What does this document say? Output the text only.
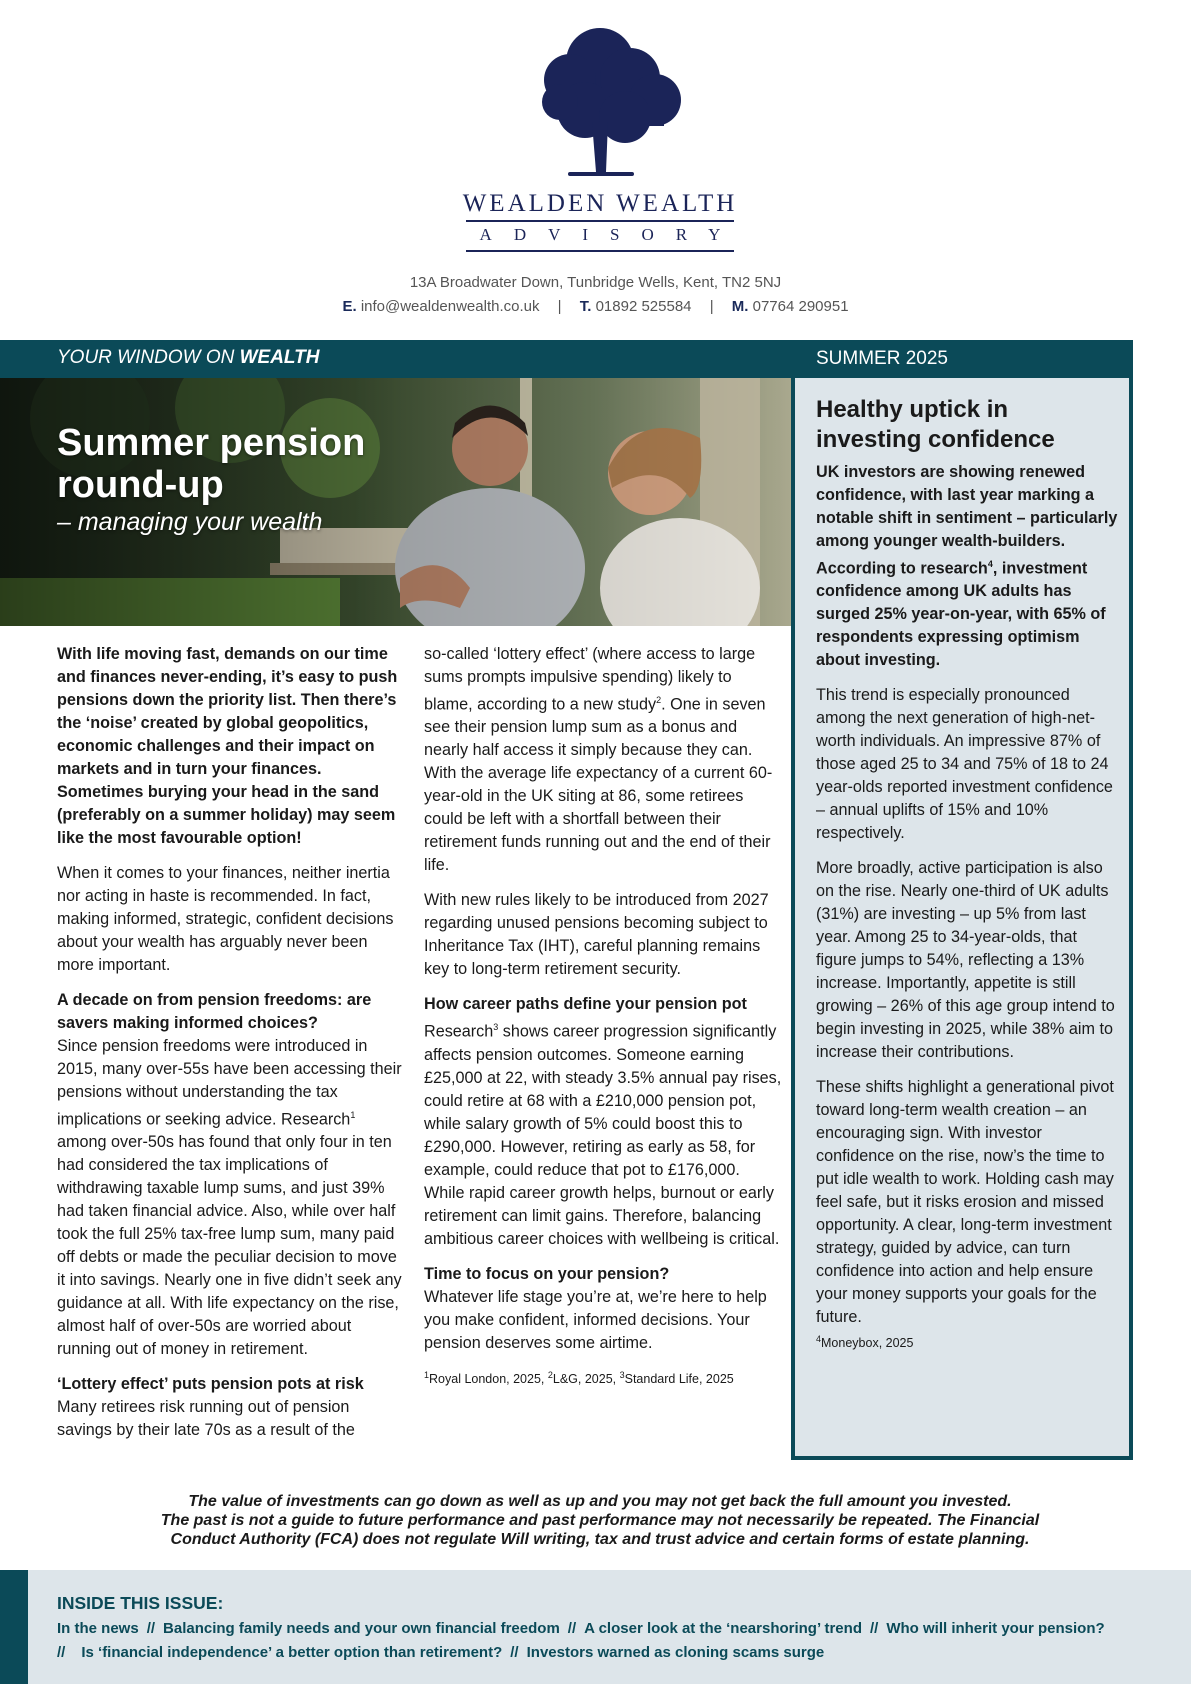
WEALDEN WEALTH
ADVISORY
13A Broadwater Down, Tunbridge Wells, Kent, TN2 5NJ
E. info@wealdenwealth.co.uk | T. 01892 525584 | M. 07764 290951
YOUR WINDOW ON WEALTH	SUMMER 2025
Summer pension
round-up
– managing your wealth

With life moving fast, demands on our time and finances never-ending, it’s easy to push pensions down the priority list. Then there’s the ‘noise’ created by global geopolitics, economic challenges and their impact on markets and in turn your finances. Sometimes burying your head in the sand (preferably on a summer holiday) may seem like the most favourable option!

When it comes to your finances, neither inertia nor acting in haste is recommended. In fact, making informed, strategic, confident decisions about your wealth has arguably never been more important.

A decade on from pension freedoms: are savers making informed choices?

Since pension freedoms were introduced in 2015, many over-55s have been accessing their pensions without understanding the tax implications or seeking advice. Research$^1$ among over-50s has found that only four in ten had considered the tax implications of withdrawing taxable lump sums, and just 39% had taken financial advice. Also, while over half took the full 25% tax-free lump sum, many paid off debts or made the peculiar decision to move it into savings. Nearly one in five didn’t seek any guidance at all. With life expectancy on the rise, almost half of over-50s are worried about running out of money in retirement.

‘Lottery effect’ puts pension pots at risk

Many retirees risk running out of pension savings by their late 70s as a result of the

so-called ‘lottery effect’ (where access to large sums prompts impulsive spending) likely to blame, according to a new study$^2$. One in seven see their pension lump sum as a bonus and nearly half access it simply because they can. With the average life expectancy of a current 60-year-old in the UK siting at 86, some retirees could be left with a shortfall between their retirement funds running out and the end of their life.

With new rules likely to be introduced from 2027 regarding unused pensions becoming subject to Inheritance Tax (IHT), careful planning remains key to long-term retirement security.

How career paths define your pension pot

Research$^3$ shows career progression significantly affects pension outcomes. Someone earning £25,000 at 22, with steady 3.5% annual pay rises, could retire at 68 with a £210,000 pension pot, while salary growth of 5% could boost this to £290,000. However, retiring as early as 58, for example, could reduce that pot to £176,000. While rapid career growth helps, burnout or early retirement can limit gains. Therefore, balancing ambitious career choices with wellbeing is critical.

Time to focus on your pension?

Whatever life stage you’re at, we’re here to help you make confident, informed decisions. Your pension deserves some airtime.

$^1$Royal London, 2025, $^2$L&G, 2025, $^3$Standard Life, 2025
Healthy uptick in investing confidence

UK investors are showing renewed confidence, with last year marking a notable shift in sentiment – particularly among younger wealth-builders. According to research$^4$, investment confidence among UK adults has surged 25% year-on-year, with 65% of respondents expressing optimism about investing.

This trend is especially pronounced among the next generation of high-net-worth individuals. An impressive 87% of those aged 25 to 34 and 75% of 18 to 24 year-olds reported investment confidence – annual uplifts of 15% and 10% respectively.

More broadly, active participation is also on the rise. Nearly one-third of UK adults (31%) are investing – up 5% from last year. Among 25 to 34-year-olds, that figure jumps to 54%, reflecting a 13% increase. Importantly, appetite is still growing – 26% of this age group intend to begin investing in 2025, while 38% aim to increase their contributions.

These shifts highlight a generational pivot toward long-term wealth creation – an encouraging sign. With investor confidence on the rise, now’s the time to put idle wealth to work. Holding cash may feel safe, but it risks erosion and missed opportunity. A clear, long-term investment strategy, guided by advice, can turn confidence into action and help ensure your money supports your goals for the future.

$^4$Moneybox, 2025
The value of investments can go down as well as up and you may not get back the full amount you invested.
The past is not a guide to future performance and past performance may not necessarily be repeated. The Financial
Conduct Authority (FCA) does not regulate Will writing, tax and trust advice and certain forms of estate planning.
INSIDE THIS ISSUE:
In the news // Balancing family needs and your own financial freedom // A closer look at the ‘nearshoring’ trend // Who will inherit your pension?
// Is ‘financial independence’ a better option than retirement? // Investors warned as cloning scams surge
